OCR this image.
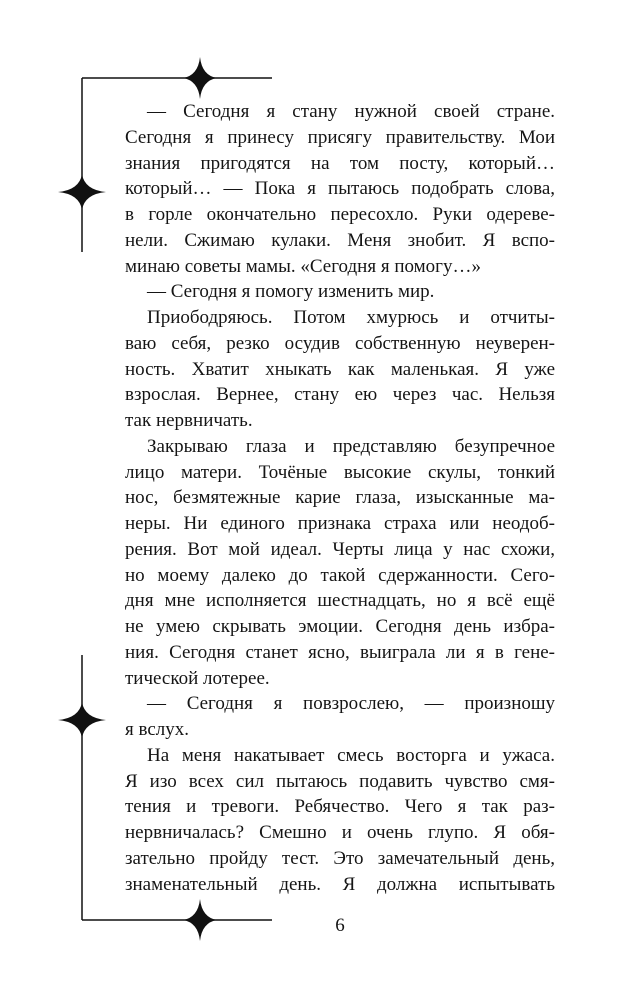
— Сегодня я стану нужной своей стране.
Сегодня я принесу присягу правительству. Мои
знания пригодятся на том посту, который…
который… — Пока я пытаюсь подобрать слова,
в горле окончательно пересохло. Руки одереве-
нели. Сжимаю кулаки. Меня знобит. Я вспо-
минаю советы мамы. «Сегодня я помогу…»
— Сегодня я помогу изменить мир.
Приободряюсь. Потом хмурюсь и отчиты-
ваю себя, резко осудив собственную неуверен-
ность. Хватит хныкать как маленькая. Я уже
взрослая. Вернее, стану ею через час. Нельзя
так нервничать.
Закрываю глаза и представляю безупречное
лицо матери. Точёные высокие скулы, тонкий
нос, безмятежные карие глаза, изысканные ма-
неры. Ни единого признака страха или неодоб-
рения. Вот мой идеал. Черты лица у нас схожи,
но моему далеко до такой сдержанности. Сего-
дня мне исполняется шестнадцать, но я всё ещё
не умею скрывать эмоции. Сегодня день избра-
ния. Сегодня станет ясно, выиграла ли я в гене-
тической лотерее.
— Сегодня я повзрослею, — произношу
я вслух.
На меня накатывает смесь восторга и ужаса.
Я изо всех сил пытаюсь подавить чувство смя-
тения и тревоги. Ребячество. Чего я так раз-
нервничалась? Смешно и очень глупо. Я обя-
зательно пройду тест. Это замечательный день,
знаменательный день. Я должна испытывать
6
